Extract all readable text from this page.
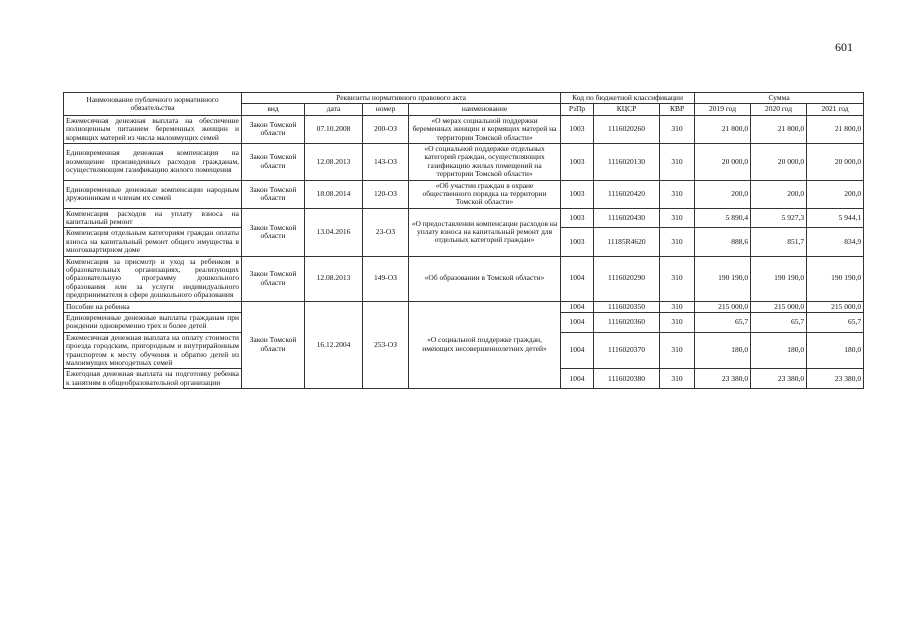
601
Наименование публичного нормативного обязательства	Реквизиты нормативного правового акта				Код по бюджетной классификации			Сумма		
	вид	дата	номер	наименование	РзПр	КЦСР	КВР	2019 год	2020 год	2021 год
Ежемесячная денежная выплата на обеспечение полноценным питанием беременных женщин и кормящих матерей из числа малоимущих семей	Закон Томской области	07.10.2008	200-ОЗ	«О мерах социальной поддержки беременных женщин и кормящих матерей на территории Томской области»	1003	1116020260	310	21 800,0	21 800,0	21 800,0
Единовременная денежная компенсация на возмещение произведенных расходов гражданам, осуществляющим газификацию жилого помещения	Закон Томской области	12.08.2013	143-ОЗ	«О социальной поддержке отдельных категорий граждан, осуществляющих газификацию жилых помещений на территории Томской области»	1003	1116020130	310	20 000,0	20 000,0	20 000,0
Единовременные денежные компенсации народным дружинникам и членам их семей	Закон Томской области	18.08.2014	120-ОЗ	«Об участии граждан в охране общественного порядка на территории Томской области»	1003	1116020420	310	200,0	200,0	200,0
Компенсация расходов на уплату взноса на капитальный ремонт	Закон Томской области	13.04.2016	23-ОЗ	«О предоставлении компенсации расходов на уплату взноса на капитальный ремонт для отдельных категорий граждан»	1003	1116020430	310	5 890,4	5 927,3	5 944,1
Компенсация отдельным категориям граждан оплаты взноса на капитальный ремонт общего имущества в многоквартирном доме					1003	11185R4620	310	888,6	851,7	834,9
Компенсация за присмотр и уход за ребенком в образовательных организациях, реализующих образовательную программу дошкольного образования или за услуги индивидуального предпринимателя в сфере дошкольного образования	Закон Томской области	12.08.2013	149-ОЗ	«Об образовании в Томской области»	1004	1116020290	310	190 190,0	190 190,0	190 190,0
Пособие на ребенка	Закон Томской области	16.12.2004	253-ОЗ	«О социальной поддержке граждан, имеющих несовершеннолетних детей»	1004	1116020350	310	215 000,0	215 000,0	215 000,0
Единовременные денежные выплаты гражданам при рождении одновременно трех и более детей					1004	1116020360	310	65,7	65,7	65,7
Ежемесячная денежная выплата на оплату стоимости проезда городским, пригородным и внутрирайонным транспортом к месту обучения и обратно детей из малоимущих многодетных семей					1004	1116020370	310	180,0	180,0	180,0
Ежегодная денежная выплата на подготовку ребенка к занятиям в общеобразовательной организации					1004	1116020380	310	23 380,0	23 380,0	23 380,0
